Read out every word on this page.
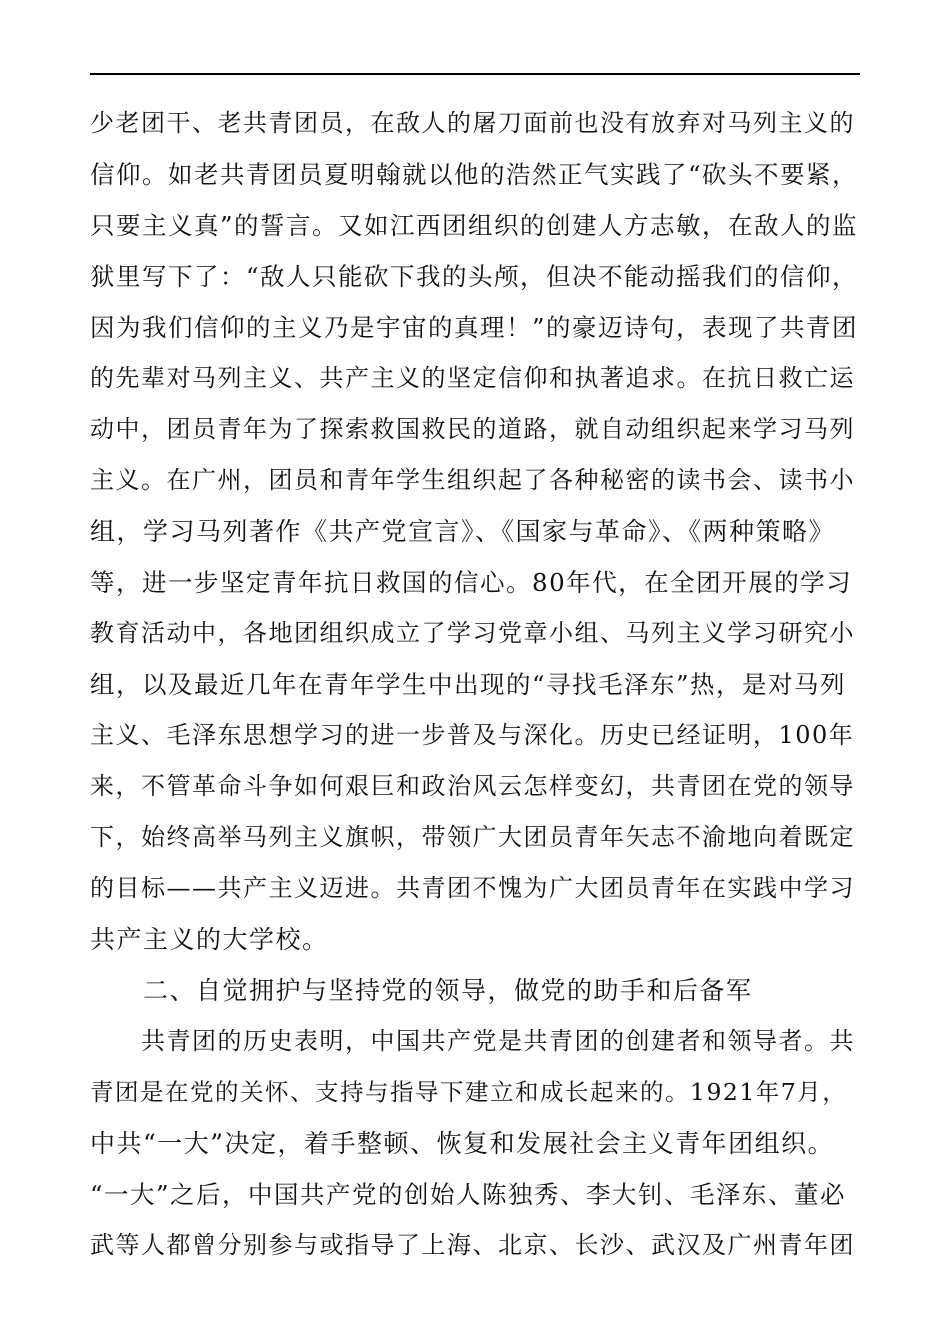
少老团干、老共青团员，在敌人的屠刀面前也没有放弃对马列主义的
信仰。如老共青团员夏明翰就以他的浩然正气实践了“砍头不要紧，
只要主义真”的誓言。又如江西团组织的创建人方志敏，在敌人的监
狱里写下了：“敌人只能砍下我的头颅，但决不能动摇我们的信仰，
因为我们信仰的主义乃是宇宙的真理！”的豪迈诗句，表现了共青团
的先辈对马列主义、共产主义的坚定信仰和执著追求。在抗日救亡运
动中，团员青年为了探索救国救民的道路，就自动组织起来学习马列
主义。在广州，团员和青年学生组织起了各种秘密的读书会、读书小
组，学习马列著作《共产党宣言》、《国家与革命》、《两种策略》
等，进一步坚定青年抗日救国的信心。80年代，在全团开展的学习
教育活动中，各地团组织成立了学习党章小组、马列主义学习研究小
组，以及最近几年在青年学生中出现的“寻找毛泽东”热，是对马列
主义、毛泽东思想学习的进一步普及与深化。历史已经证明，100年
来，不管革命斗争如何艰巨和政治风云怎样变幻，共青团在党的领导
下，始终高举马列主义旗帜，带领广大团员青年矢志不渝地向着既定
的目标——共产主义迈进。共青团不愧为广大团员青年在实践中学习
共产主义的大学校。
　　二、自觉拥护与坚持党的领导，做党的助手和后备军
　　共青团的历史表明，中国共产党是共青团的创建者和领导者。共
青团是在党的关怀、支持与指导下建立和成长起来的。1921年7月，
中共“一大”决定，着手整顿、恢复和发展社会主义青年团组织。
“一大”之后，中国共产党的创始人陈独秀、李大钊、毛泽东、董必
武等人都曾分别参与或指导了上海、北京、长沙、武汉及广州青年团
